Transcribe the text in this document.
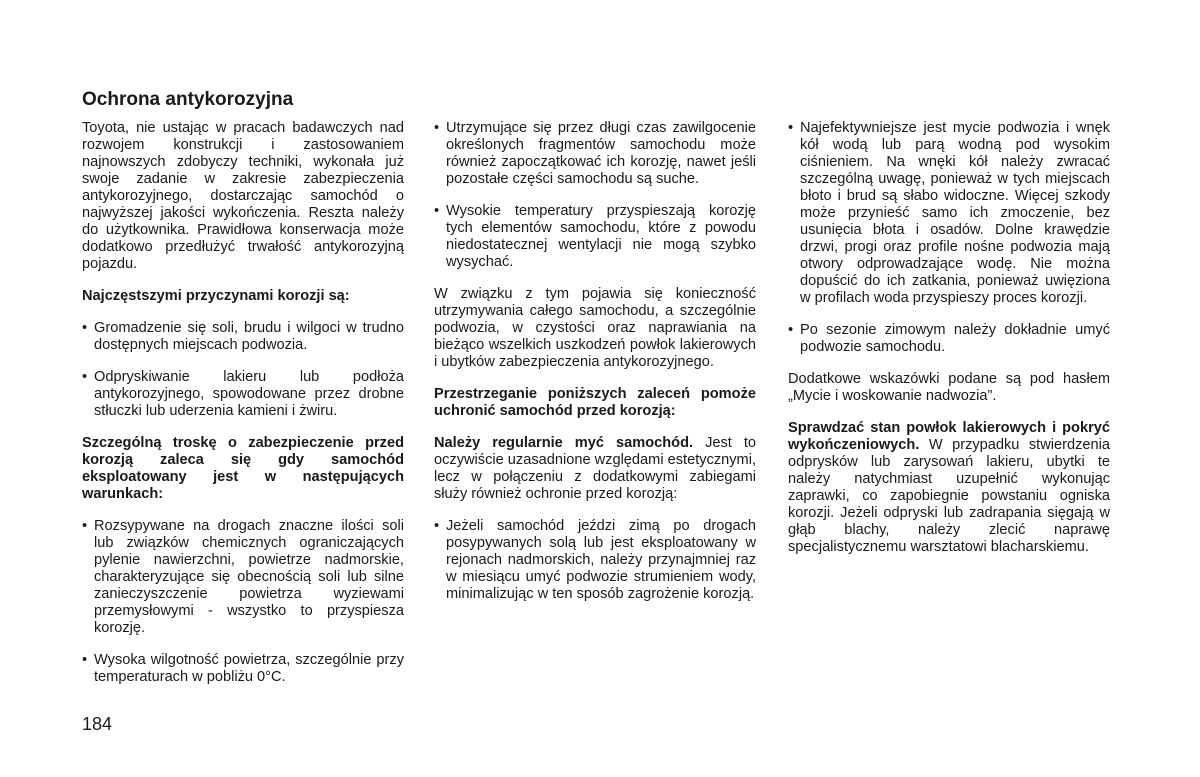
Ochrona antykorozyjna

Toyota, nie ustając w pracach badawczych nad rozwojem konstrukcji i zastosowaniem najnowszych zdobyczy techniki, wykonała już swoje zadanie w zakresie zabezpieczenia antykorozyjnego, dostarczając samochód o najwyższej jakości wykończenia. Reszta należy do użytkownika. Prawidłowa konserwacja może dodatkowo przedłużyć trwałość antykorozyjną pojazdu.

Najczęstszymi przyczynami korozji są:

• Gromadzenie się soli, brudu i wilgoci w trudno dostępnych miejscach podwozia.
• Odpryskiwanie lakieru lub podłoża antykorozyjnego, spowodowane przez drobne stłuczki lub uderzenia kamieni i żwiru.

Szczególną troskę o zabezpieczenie przed korozją zaleca się gdy samochód eksploatowany jest w następujących warunkach:

• Rozsypywane na drogach znaczne ilości soli lub związków chemicznych ograniczających pylenie nawierzchni, powietrze nadmorskie, charakteryzujące się obecnością soli lub silne zanieczyszczenie powietrza wyziewami przemysłowymi - wszystko to przyspiesza korozję.
• Wysoka wilgotność powietrza, szczególnie przy temperaturach w pobliżu 0°C.
• Utrzymujące się przez długi czas zawilgocenie określonych fragmentów samochodu może również zapoczątkować ich korozję, nawet jeśli pozostałe części samochodu są suche.
• Wysokie temperatury przyspieszają korozję tych elementów samochodu, które z powodu niedostatecznej wentylacji nie mogą szybko wysychać.

W związku z tym pojawia się konieczność utrzymywania całego samochodu, a szczególnie podwozia, w czystości oraz naprawiania na bieżąco wszelkich uszkodzeń powłok lakierowych i ubytków zabezpieczenia antykorozyjnego.

Przestrzeganie poniższych zaleceń pomoże uchronić samochód przed korozją:

Należy regularnie myć samochód. Jest to oczywiście uzasadnione względami estetycznymi, lecz w połączeniu z dodatkowymi zabiegami służy również ochronie przed korozją:

• Jeżeli samochód jeździ zimą po drogach posypywanych solą lub jest eksploatowany w rejonach nadmorskich, należy przynajmniej raz w miesiącu umyć podwozie strumieniem wody, minimalizując w ten sposób zagrożenie korozją.
• Najefektywniejsze jest mycie podwozia i wnęk kół wodą lub parą wodną pod wysokim ciśnieniem. Na wnęki kół należy zwracać szczególną uwagę, ponieważ w tych miejscach błoto i brud są słabo widoczne. Więcej szkody może przynieść samo ich zmoczenie, bez usunięcia błota i osadów. Dolne krawędzie drzwi, progi oraz profile nośne podwozia mają otwory odprowadzające wodę. Nie można dopuścić do ich zatkania, ponieważ uwięziona w profilach woda przyspieszy proces korozji.
• Po sezonie zimowym należy dokładnie umyć podwozie samochodu.

Dodatkowe wskazówki podane są pod hasłem „Mycie i woskowanie nadwozia”.

Sprawdzać stan powłok lakierowych i pokryć wykończeniowych. W przypadku stwierdzenia odprysków lub zarysowań lakieru, ubytki te należy natychmiast uzupełnić wykonując zaprawki, co zapobiegnie powstaniu ogniska korozji. Jeżeli odpryski lub zadrapania sięgają w głąb blachy, należy zlecić naprawę specjalistycznemu warsztatowi blacharskiemu.

184
